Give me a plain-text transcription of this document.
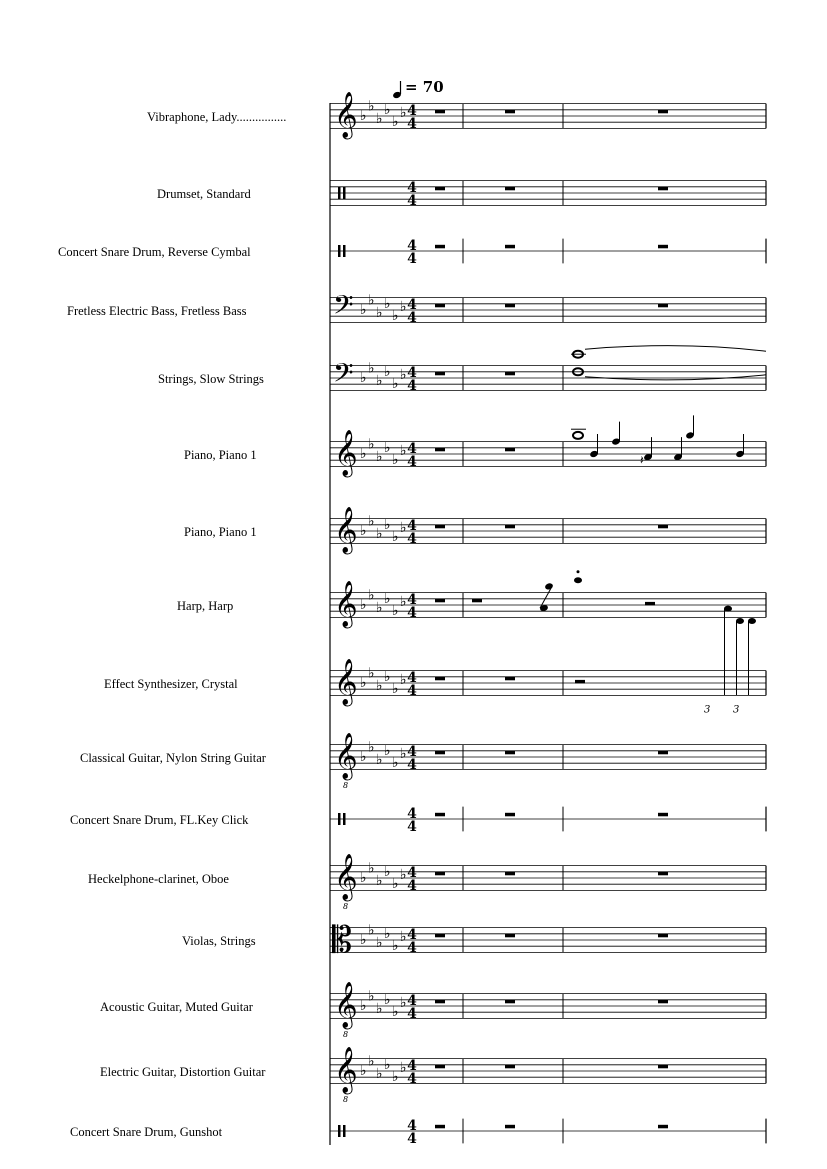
Vibraphone, Lady................
Drumset, Standard
Concert Snare Drum, Reverse Cymbal
Fretless Electric Bass, Fretless Bass
Strings, Slow Strings
Piano, Piano 1
Piano, Piano 1
Harp, Harp
Effect Synthesizer, Crystal
Classical Guitar, Nylon String Guitar
Concert Snare Drum, FL.Key Click
Heckelphone-clarinet, Oboe
Violas, Strings
Acoustic Guitar, Muted Guitar
Electric Guitar, Distortion Guitar
Concert Snare Drum, Gunshot
= 70
𝄞 ♭
♭
♭
♭
♭
♭ 4
4
4
4
4
4
𝄢 ♭
♭
♭
♭
♭
♭ 4
4
𝄢 ♭
♭
♭
♭
♭
♭ 4
4
𝄞 ♭
♭
♭
♭
♭
♭ 4
4	𝄽
𝄞 ♭
♭
♭
♭
♭
♭ 4
4
𝄞 ♭
♭
♭
♭
♭
♭ 4
4
𝄞 ♭
♭
♭
♭
♭
♭ 4
4
3 3
𝄞
8
♭
♭
♭
♭
♭
♭ 4
4
4
4
𝄞
8
♭
♭
♭
♭
♭
♭ 4
4
𝄡 ♭
♭
♭
♭
♭
♭ 4
4
𝄞
8
♭
♭
♭
♭
♭
♭ 4
4
𝄞
8
♭
♭
♭
♭
♭
♭ 4
4
4
4
